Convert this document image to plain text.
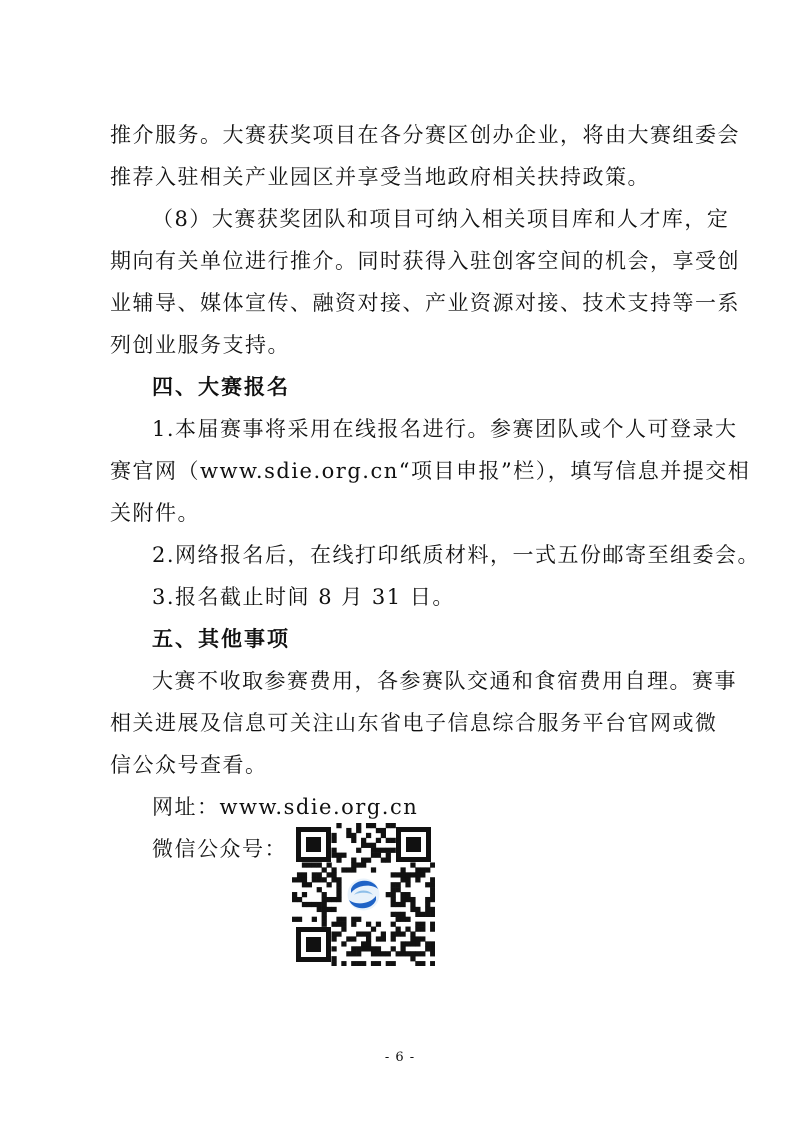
推介服务。大赛获奖项目在各分赛区创办企业，将由大赛组委会
推荐入驻相关产业园区并享受当地政府相关扶持政策。
（8）大赛获奖团队和项目可纳入相关项目库和人才库，定
期向有关单位进行推介。同时获得入驻创客空间的机会，享受创
业辅导、媒体宣传、融资对接、产业资源对接、技术支持等一系
列创业服务支持。
四、大赛报名
1.本届赛事将采用在线报名进行。参赛团队或个人可登录大
赛官网（www.sdie.org.cn“项目申报”栏），填写信息并提交相
关附件。
2.网络报名后，在线打印纸质材料，一式五份邮寄至组委会。
3.报名截止时间 8 月 31 日。
五、其他事项
大赛不收取参赛费用，各参赛队交通和食宿费用自理。赛事
相关进展及信息可关注山东省电子信息综合服务平台官网或微
信公众号查看。
网址：www.sdie.org.cn
微信公众号：
- 6 -
